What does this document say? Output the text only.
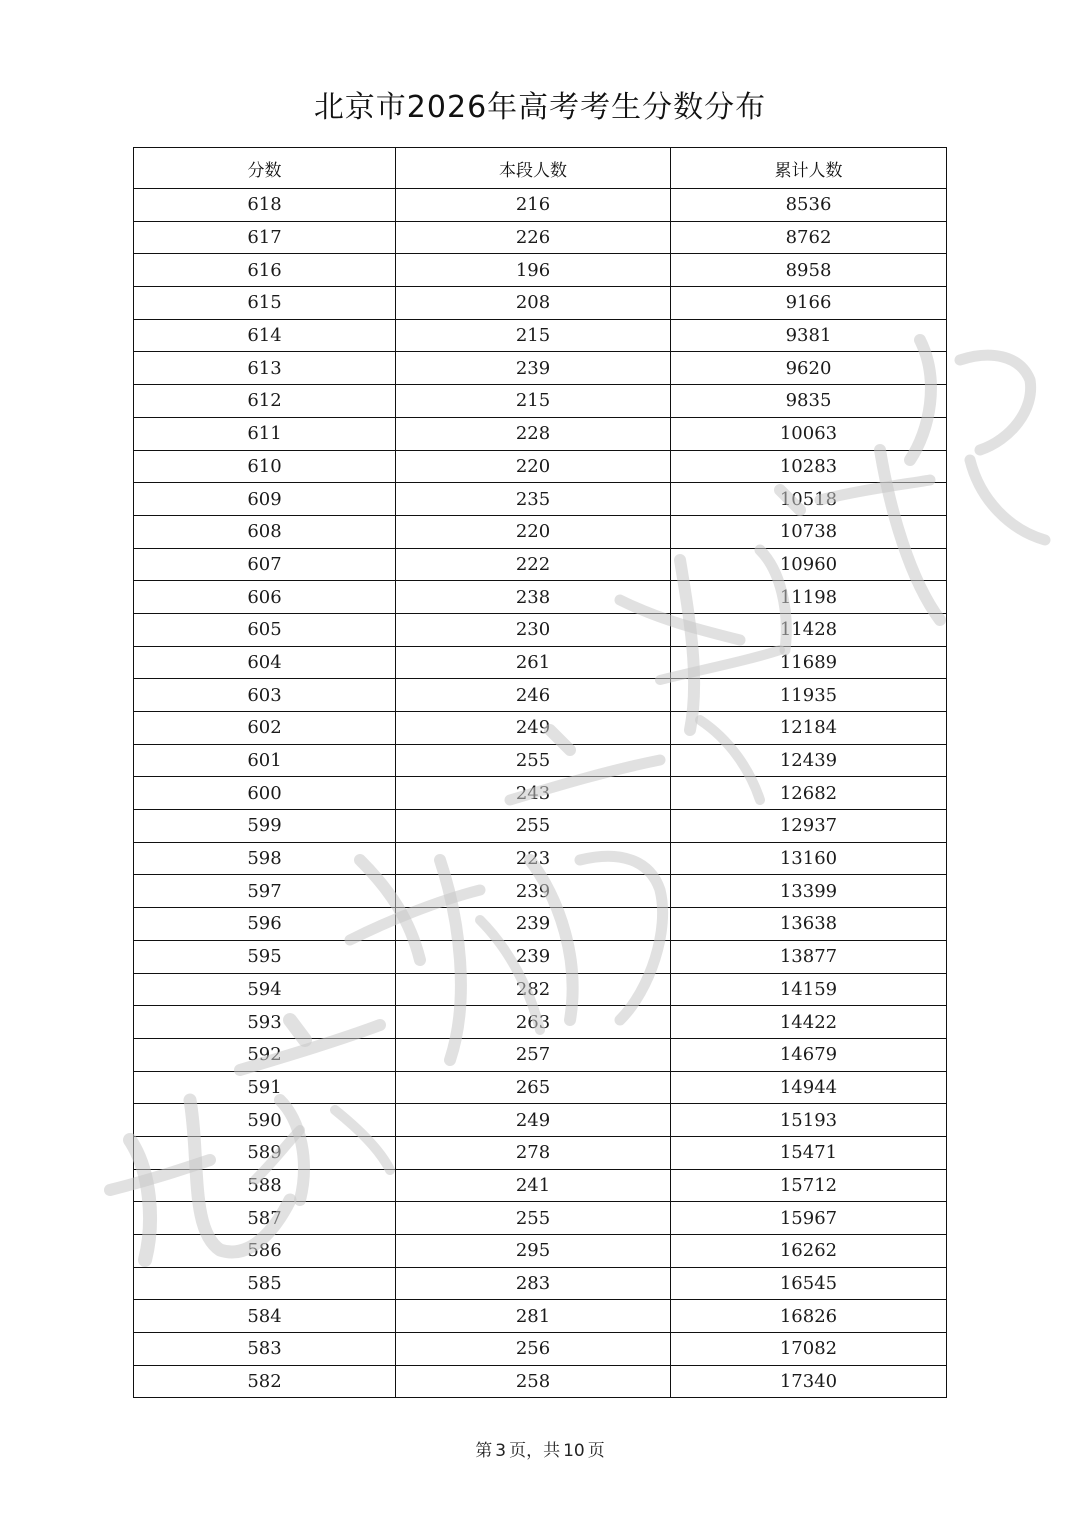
北京市2026年高考考生分数分布
分数	本段人数	累计人数
618	216	8536
617	226	8762
616	196	8958
615	208	9166
614	215	9381
613	239	9620
612	215	9835
611	228	10063
610	220	10283
609	235	10518
608	220	10738
607	222	10960
606	238	11198
605	230	11428
604	261	11689
603	246	11935
602	249	12184
601	255	12439
600	243	12682
599	255	12937
598	223	13160
597	239	13399
596	239	13638
595	239	13877
594	282	14159
593	263	14422
592	257	14679
591	265	14944
590	249	15193
589	278	15471
588	241	15712
587	255	15967
586	295	16262
585	283	16545
584	281	16826
583	256	17082
582	258	17340
第 3 页，共 10 页
